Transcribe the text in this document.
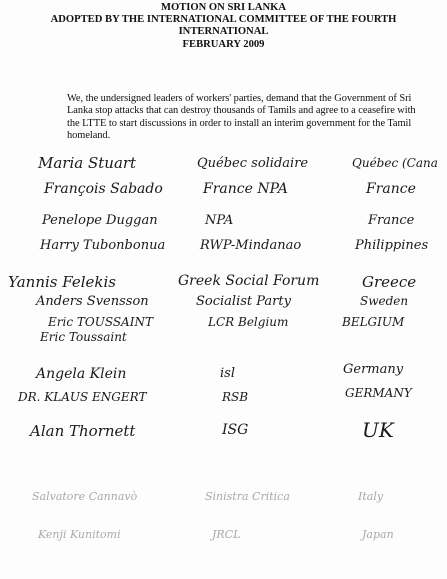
MOTION ON SRI LANKA
ADOPTED BY THE INTERNATIONAL COMMITTEE OF THE FOURTH
INTERNATIONAL
FEBRUARY 2009
We, the undersigned leaders of workers' parties, demand that the Government of Sri
Lanka stop attacks that can destroy thousands of Tamils and agree to a ceasefire with
the LTTE to start discussions in order to install an interim government for the Tamil
homeland.
Maria Stuart	Québec solidaire	Québec (Cana
François Sabado	France NPA	France
Penelope Duggan	NPA	France
Harry Tubonbonua	RWP-Mindanao	Philippines
Yannis Felekis	Greek Social Forum	Greece
Anders Svensson	Socialist Party	Sweden
Eric TOUSSAINT	LCR Belgium	BELGIUM
Eric Toussaint
Angela Klein	isl	Germany
DR. KLAUS ENGERT	RSB	GERMANY
Alan Thornett	ISG	UK
Salvatore Cannavò	Sinistra Critica	Italy
Kenji Kunitomi	JRCL	Japan
